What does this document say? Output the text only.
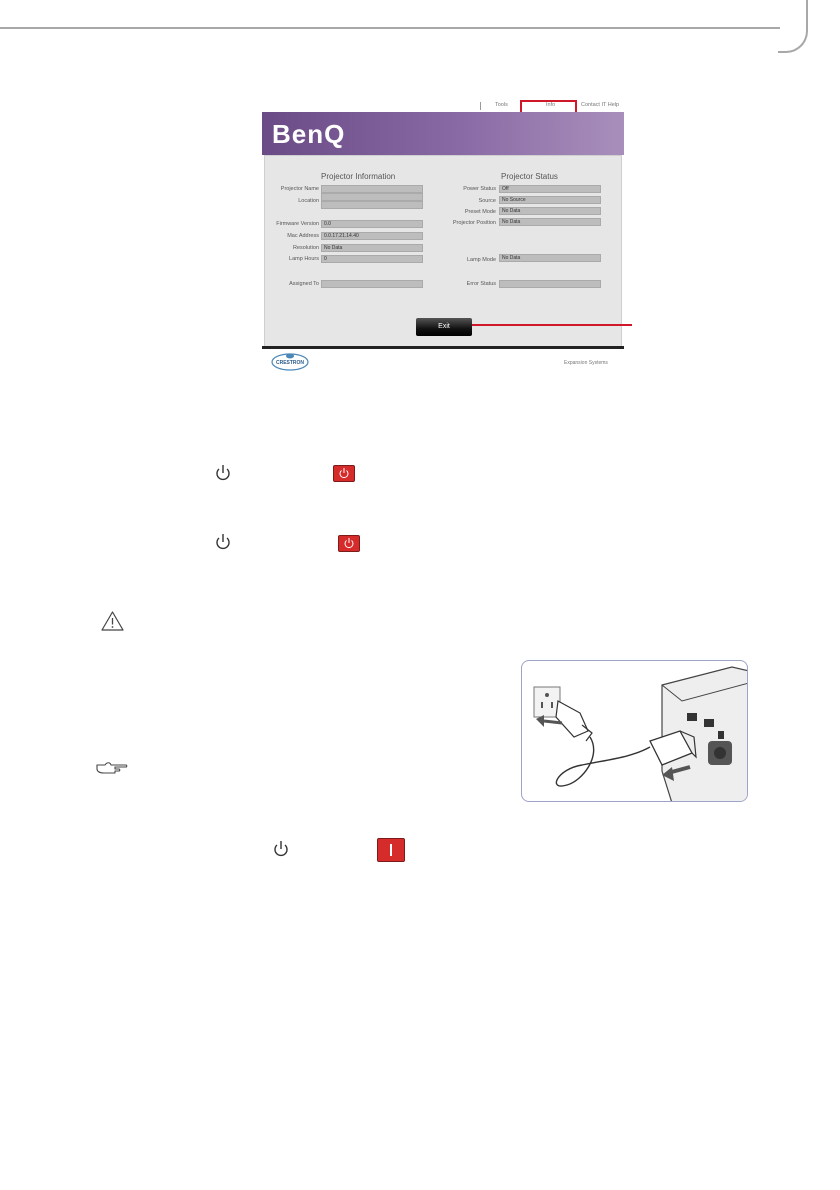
Tools	Info	Contact IT Help
BenQ
Projector Information	Projector Status
Projector Name
Location
Firmware Version	0.0
Mac Address	0.0.17.21.14.40
Resolution	No Data
Lamp Hours	0
Assigned To
Power Status	Off
Source	No Source
Preset Mode	No Data
Projector Position	No Data
Lamp Mode	No Data
Error Status
Exit
CRESTRON	Expansion Systems
